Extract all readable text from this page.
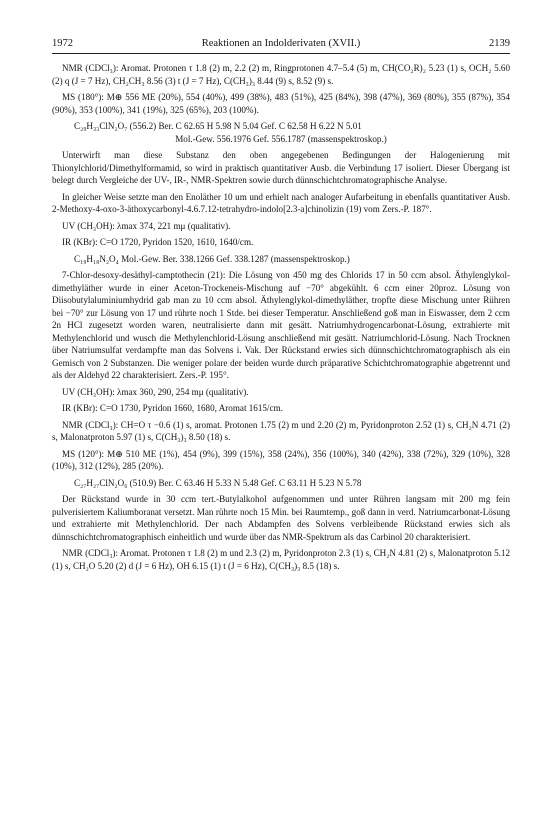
1972	Reaktionen an Indolderivaten (XVII.)	2139

NMR (CDCl₃): Aromat. Protonen τ 1.8 (2) m, 2.2 (2) m, Ringprotonen 4.7–5.4 (5) m, CH(CO₂R)₂ 5.23 (1) s, OCH₂ 5.60 (2) q (J = 7 Hz), CH₂CH₃ 8.56 (3) t (J = 7 Hz), C(CH₃)₃ 8.44 (9) s, 8.52 (9) s.

MS (180°): M⊕ 556 ME (20%), 554 (40%), 499 (38%), 483 (51%), 425 (84%), 398 (47%), 369 (80%), 355 (87%), 354 (90%), 353 (100%), 341 (19%), 325 (65%), 203 (100%).

C₂₉H₃₃ClN₂O₇ (556.2) Ber. C 62.65 H 5.98 N 5.04 Gef. C 62.58 H 6.22 N 5.01

Mol.-Gew. 556.1976 Gef. 556.1787 (massenspektroskop.)

Unterwirft man diese Substanz den oben angegebenen Bedingungen der Halogenierung mit Thionylchlorid/Dimethylformamid, so wird in praktisch quantitativer Ausb. die Verbindung 17 isoliert. Dieser Übergang ist belegt durch Vergleiche der UV-, IR-, NMR-Spektren sowie durch dünnschichtchromatographische Analyse.

In gleicher Weise setzte man den Enoläther 10 um und erhielt nach analoger Aufarbeitung in ebenfalls quantitativer Ausb. 2-Methoxy-4-oxo-3-äthoxycarbonyl-4.6.7.12-tetrahydro-indolo[2.3-a]chinolizin (19) vom Zers.-P. 187°.

UV (CH₃OH): λmax 374, 221 mμ (qualitativ).

IR (KBr): C=O 1720, Pyridon 1520, 1610, 1640/cm.

C₁₉H₁₈N₂O₄ Mol.-Gew. Ber. 338.1266 Gef. 338.1287 (massenspektroskop.)

7-Chlor-desoxy-desäthyl-camptothecin (21): Die Lösung von 450 mg des Chlorids 17 in 50 ccm absol. Äthylenglykol-dimethyläther wurde in einer Aceton-Trockeneis-Mischung auf −70° abgekühlt. 6 ccm einer 20proz. Lösung von Diisobutylaluminiumhydrid gab man zu 10 ccm absol. Äthylenglykol-dimethyläther, tropfte diese Mischung unter Rühren bei −70° zur Lösung von 17 und rührte noch 1 Stde. bei dieser Temperatur. Anschließend goß man in Eiswasser, dem 2 ccm 2n HCl zugesetzt worden waren, neutralisierte dann mit gesätt. Natriumhydrogencarbonat-Lösung, extrahierte mit Methylenchlorid und wusch die Methylenchlorid-Lösung anschließend mit gesätt. Natriumchlorid-Lösung. Nach Trocknen über Natriumsulfat verdampfte man das Solvens i. Vak. Der Rückstand erwies sich dünnschichtchromatographisch als ein Gemisch von 2 Substanzen. Die weniger polare der beiden wurde durch präparative Schichtchromatographie abgetrennt und als der Aldehyd 22 charakterisiert. Zers.-P. 195°.

UV (CH₃OH): λmax 360, 290, 254 mμ (qualitativ).

IR (KBr): C=O 1730, Pyridon 1660, 1680, Aromat 1615/cm.

NMR (CDCl₃): CH=O τ −0.6 (1) s, aromat. Protonen 1.75 (2) m und 2.20 (2) m, Pyridonproton 2.52 (1) s, CH₂N 4.71 (2) s, Malonatproton 5.97 (1) s, C(CH₃)₃ 8.50 (18) s.

MS (120°): M⊕ 510 ME (1%), 454 (9%), 399 (15%), 358 (24%), 356 (100%), 340 (42%), 338 (72%), 329 (10%), 328 (10%), 312 (12%), 285 (20%).

C₂₇H₂₇ClN₂O₆ (510.9) Ber. C 63.46 H 5.33 N 5.48 Gef. C 63.11 H 5.23 N 5.78

Der Rückstand wurde in 30 ccm tert.-Butylalkohol aufgenommen und unter Rühren langsam mit 200 mg fein pulverisiertem Kaliumboranat versetzt. Man rührte noch 15 Min. bei Raumtemp., goß dann in verd. Natriumcarbonat-Lösung und extrahierte mit Methylenchlorid. Der nach Abdampfen des Solvens verbleibende Rückstand erwies sich als dünnschichtchromatographisch einheitlich und wurde über das NMR-Spektrum als das Carbinol 20 charakterisiert.

NMR (CDCl₃): Aromat. Protonen τ 1.8 (2) m und 2.3 (2) m, Pyridonproton 2.3 (1) s, CH₂N 4.81 (2) s, Malonatproton 5.12 (1) s, CH₂O 5.20 (2) d (J = 6 Hz), OH 6.15 (1) t (J = 6 Hz), C(CH₃)₃ 8.5 (18) s.
